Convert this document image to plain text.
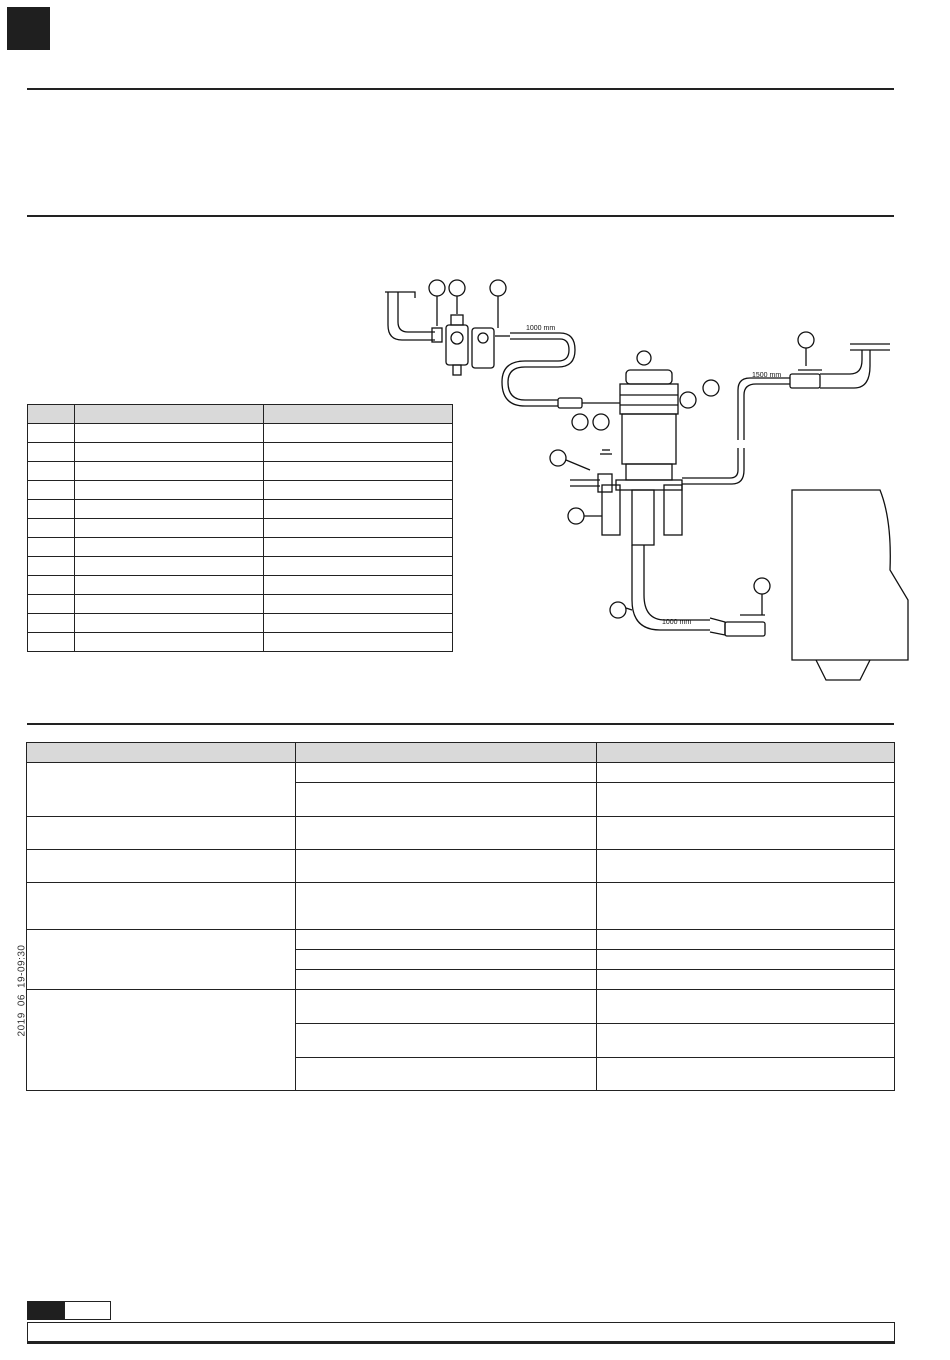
2019_06_19-09:30

1000 mm
1500 mm
1000 mm
